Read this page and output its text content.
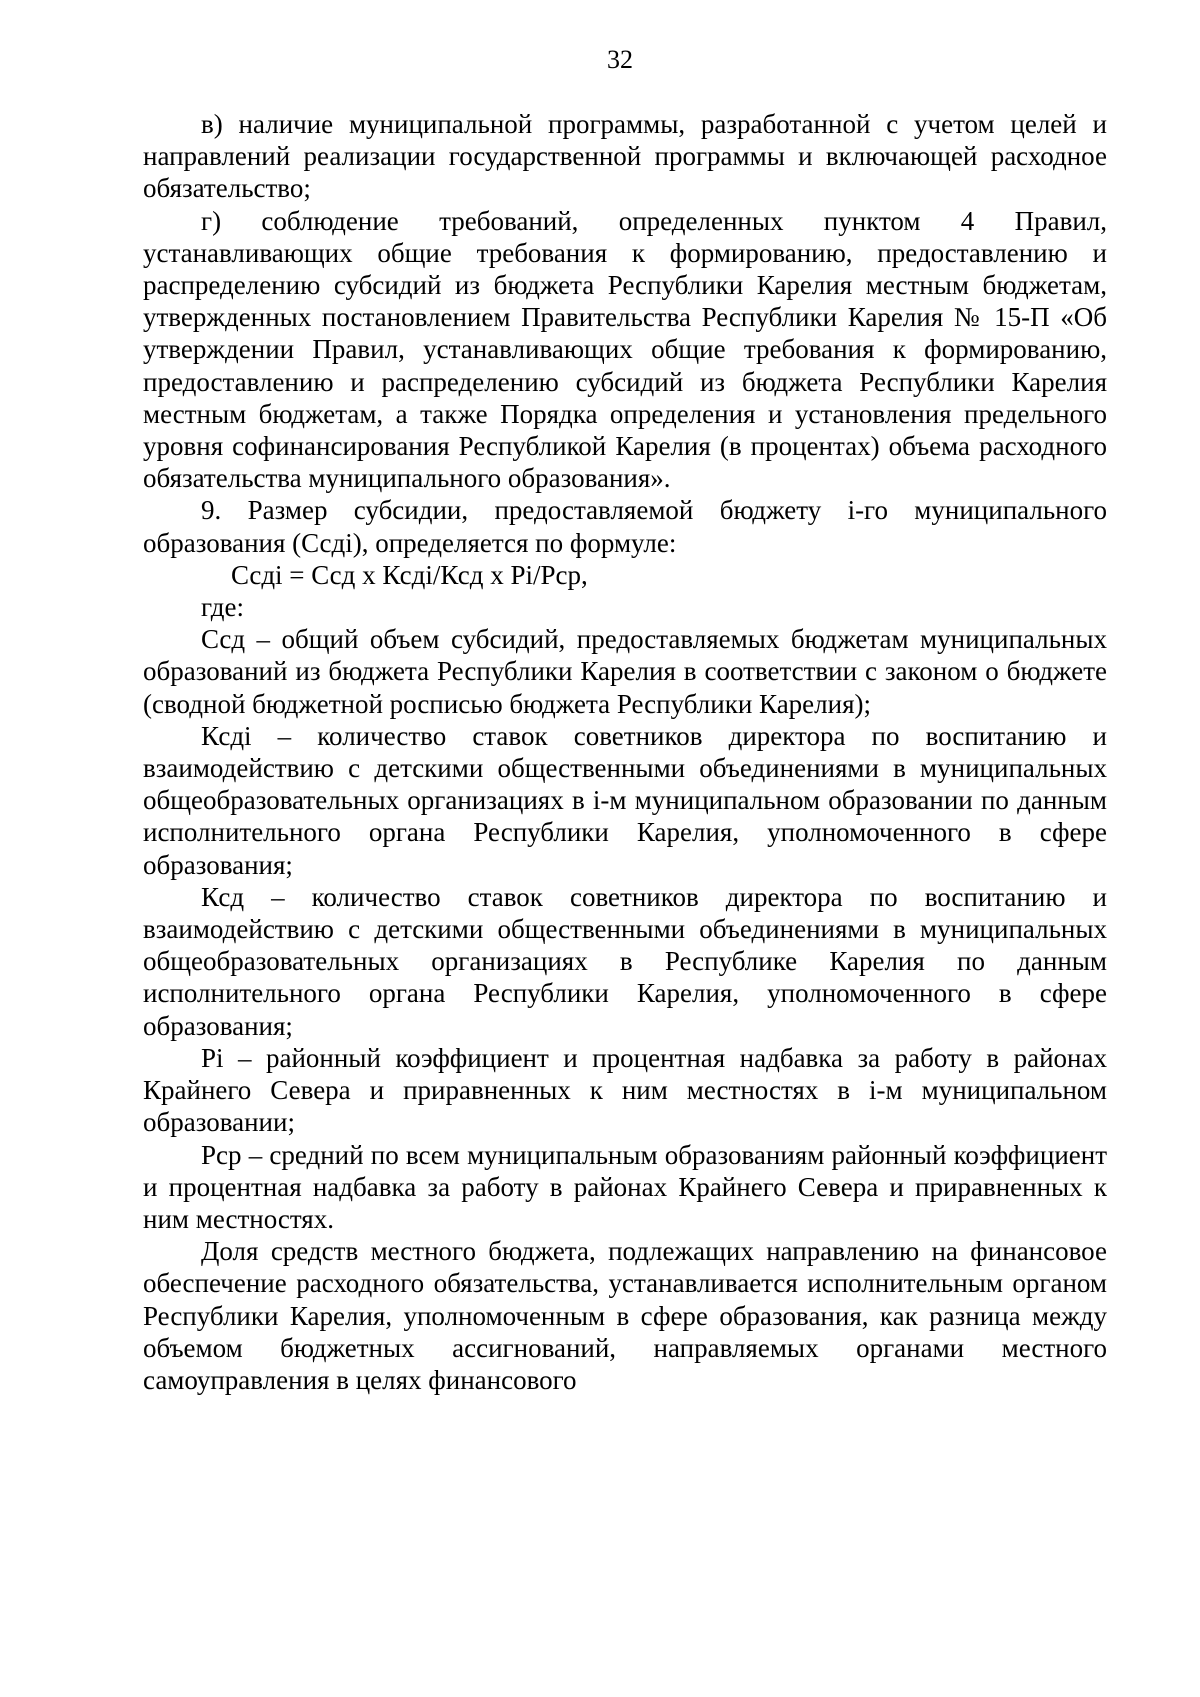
32

в) наличие муниципальной программы, разработанной с учетом целей и направлений реализации государственной программы и включающей расходное обязательство;

г) соблюдение требований, определенных пунктом 4 Правил, устанавливающих общие требования к формированию, предоставлению и распределению субсидий из бюджета Республики Карелия местным бюджетам, утвержденных постановлением Правительства Республики Карелия № 15-П «Об утверждении Правил, устанавливающих общие требования к формированию, предоставлению и распределению субсидий из бюджета Республики Карелия местным бюджетам, а также Порядка определения и установления предельного уровня софинансирования Республикой Карелия (в процентах) объема расходного обязательства муниципального образования».

9. Размер субсидии, предоставляемой бюджету i-го муниципального образования (Ссдi), определяется по формуле:

Ссдi = Ссд x Ксдi/Ксд x Рi/Рср,

где:

Ссд – общий объем субсидий, предоставляемых бюджетам муниципальных образований из бюджета Республики Карелия в соответствии с законом о бюджете (сводной бюджетной росписью бюджета Республики Карелия);

Ксдi – количество ставок советников директора по воспитанию и взаимодействию с детскими общественными объединениями в муниципальных общеобразовательных организациях в i-м муниципальном образовании по данным исполнительного органа Республики Карелия, уполномоченного в сфере образования;

Ксд – количество ставок советников директора по воспитанию и взаимодействию с детскими общественными объединениями в муниципальных общеобразовательных организациях в Республике Карелия по данным исполнительного органа Республики Карелия, уполномоченного в сфере образования;

Рi – районный коэффициент и процентная надбавка за работу в районах Крайнего Севера и приравненных к ним местностях в i-м муниципальном образовании;

Рср – средний по всем муниципальным образованиям районный коэффициент и процентная надбавка за работу в районах Крайнего Севера и приравненных к ним местностях.

Доля средств местного бюджета, подлежащих направлению на финансовое обеспечение расходного обязательства, устанавливается исполнительным органом Республики Карелия, уполномоченным в сфере образования, как разница между объемом бюджетных ассигнований, направляемых органами местного самоуправления в целях финансового
